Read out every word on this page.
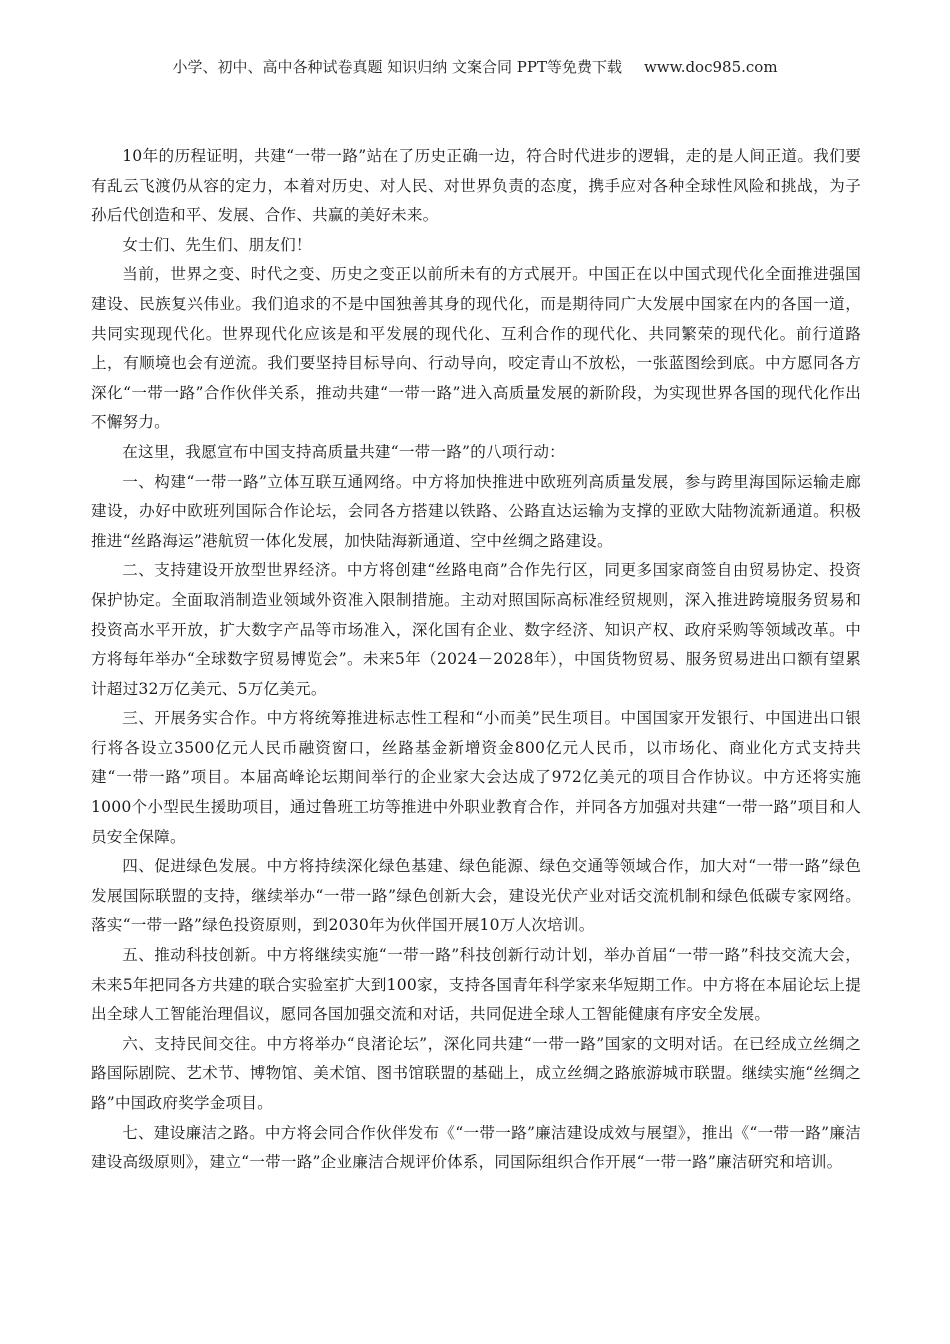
小学、初中、高中各种试卷真题 知识归纳 文案合同 PPT等免费下载 www.doc985.com

10年的历程证明，共建“一带一路”站在了历史正确一边，符合时代进步的逻辑，走的是人间正道。我们要有乱云飞渡仍从容的定力，本着对历史、对人民、对世界负责的态度，携手应对各种全球性风险和挑战，为子孙后代创造和平、发展、合作、共赢的美好未来。

女士们、先生们、朋友们！

当前，世界之变、时代之变、历史之变正以前所未有的方式展开。中国正在以中国式现代化全面推进强国建设、民族复兴伟业。我们追求的不是中国独善其身的现代化，而是期待同广大发展中国家在内的各国一道，共同实现现代化。世界现代化应该是和平发展的现代化、互利合作的现代化、共同繁荣的现代化。前行道路上，有顺境也会有逆流。我们要坚持目标导向、行动导向，咬定青山不放松，一张蓝图绘到底。中方愿同各方深化“一带一路”合作伙伴关系，推动共建“一带一路”进入高质量发展的新阶段，为实现世界各国的现代化作出不懈努力。

在这里，我愿宣布中国支持高质量共建“一带一路”的八项行动：

一、构建“一带一路”立体互联互通网络。中方将加快推进中欧班列高质量发展，参与跨里海国际运输走廊建设，办好中欧班列国际合作论坛，会同各方搭建以铁路、公路直达运输为支撑的亚欧大陆物流新通道。积极推进“丝路海运”港航贸一体化发展，加快陆海新通道、空中丝绸之路建设。

二、支持建设开放型世界经济。中方将创建“丝路电商”合作先行区，同更多国家商签自由贸易协定、投资保护协定。全面取消制造业领域外资准入限制措施。主动对照国际高标准经贸规则，深入推进跨境服务贸易和投资高水平开放，扩大数字产品等市场准入，深化国有企业、数字经济、知识产权、政府采购等领域改革。中方将每年举办“全球数字贸易博览会”。未来5年（2024－2028年），中国货物贸易、服务贸易进出口额有望累计超过32万亿美元、5万亿美元。

三、开展务实合作。中方将统筹推进标志性工程和“小而美”民生项目。中国国家开发银行、中国进出口银行将各设立3500亿元人民币融资窗口，丝路基金新增资金800亿元人民币，以市场化、商业化方式支持共建“一带一路”项目。本届高峰论坛期间举行的企业家大会达成了972亿美元的项目合作协议。中方还将实施1000个小型民生援助项目，通过鲁班工坊等推进中外职业教育合作，并同各方加强对共建“一带一路”项目和人员安全保障。

四、促进绿色发展。中方将持续深化绿色基建、绿色能源、绿色交通等领域合作，加大对“一带一路”绿色发展国际联盟的支持，继续举办“一带一路”绿色创新大会，建设光伏产业对话交流机制和绿色低碳专家网络。落实“一带一路”绿色投资原则，到2030年为伙伴国开展10万人次培训。

五、推动科技创新。中方将继续实施“一带一路”科技创新行动计划，举办首届“一带一路”科技交流大会，未来5年把同各方共建的联合实验室扩大到100家，支持各国青年科学家来华短期工作。中方将在本届论坛上提出全球人工智能治理倡议，愿同各国加强交流和对话，共同促进全球人工智能健康有序安全发展。

六、支持民间交往。中方将举办“良渚论坛”，深化同共建“一带一路”国家的文明对话。在已经成立丝绸之路国际剧院、艺术节、博物馆、美术馆、图书馆联盟的基础上，成立丝绸之路旅游城市联盟。继续实施“丝绸之路”中国政府奖学金项目。

七、建设廉洁之路。中方将会同合作伙伴发布《“一带一路”廉洁建设成效与展望》，推出《“一带一路”廉洁建设高级原则》，建立“一带一路”企业廉洁合规评价体系，同国际组织合作开展“一带一路”廉洁研究和培训。
